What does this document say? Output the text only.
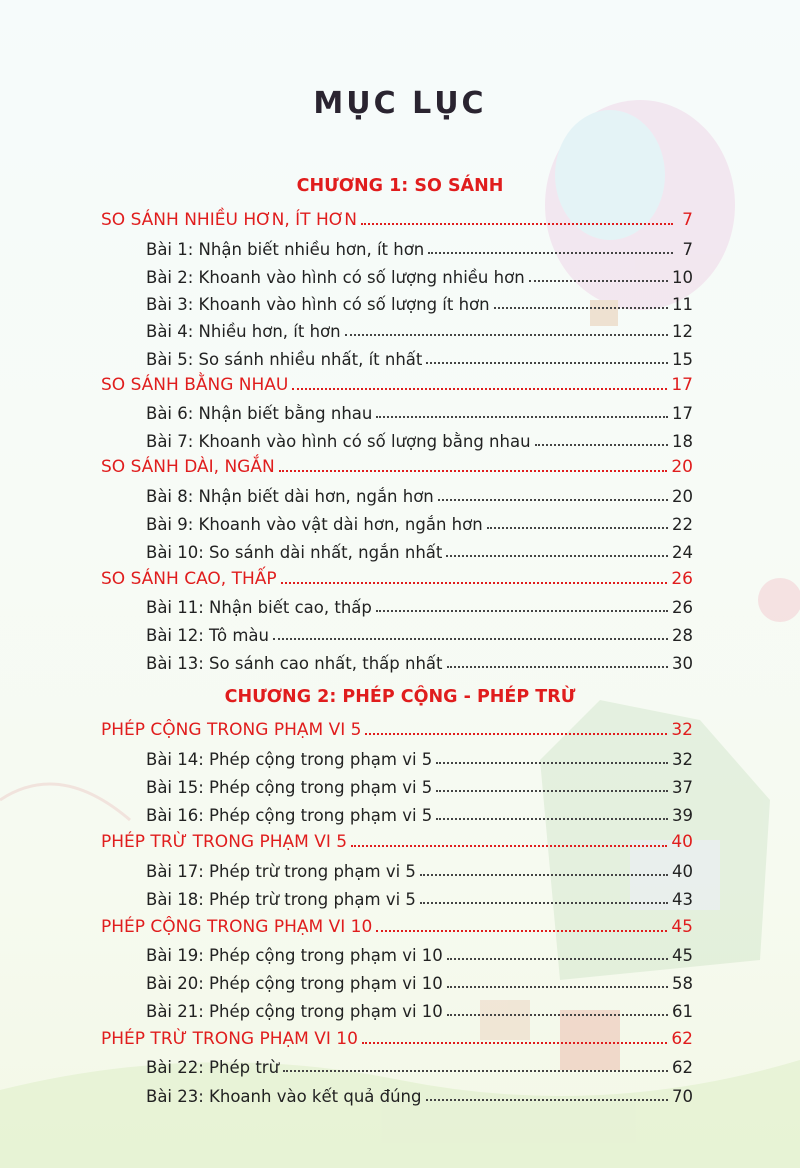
MỤC LỤC
CHƯƠNG 1: SO SÁNH
SO SÁNH NHIỀU HƠN, ÍT HƠN	7
Bài 1: Nhận biết nhiều hơn, ít hơn	7
Bài 2: Khoanh vào hình có số lượng nhiều hơn	10
Bài 3: Khoanh vào hình có số lượng ít hơn	11
Bài 4: Nhiều hơn, ít hơn	12
Bài 5: So sánh nhiều nhất, ít nhất	15
SO SÁNH BẰNG NHAU	17
Bài 6: Nhận biết bằng nhau	17
Bài 7: Khoanh vào hình có số lượng bằng nhau	18
SO SÁNH DÀI, NGẮN	20
Bài 8: Nhận biết dài hơn, ngắn hơn	20
Bài 9: Khoanh vào vật dài hơn, ngắn hơn	22
Bài 10: So sánh dài nhất, ngắn nhất	24
SO SÁNH CAO, THẤP	26
Bài 11: Nhận biết cao, thấp	26
Bài 12: Tô màu	28
Bài 13: So sánh cao nhất, thấp nhất	30
CHƯƠNG 2: PHÉP CỘNG - PHÉP TRỪ
PHÉP CỘNG TRONG PHẠM VI 5	32
Bài 14: Phép cộng trong phạm vi 5	32
Bài 15: Phép cộng trong phạm vi 5	37
Bài 16: Phép cộng trong phạm vi 5	39
PHÉP TRỪ TRONG PHẠM VI 5	40
Bài 17: Phép trừ trong phạm vi 5	40
Bài 18: Phép trừ trong phạm vi 5	43
PHÉP CỘNG TRONG PHẠM VI 10	45
Bài 19: Phép cộng trong phạm vi 10	45
Bài 20: Phép cộng trong phạm vi 10	58
Bài 21: Phép cộng trong phạm vi 10	61
PHÉP TRỪ TRONG PHẠM VI 10	62
Bài 22: Phép trừ	62
Bài 23: Khoanh vào kết quả đúng	70
